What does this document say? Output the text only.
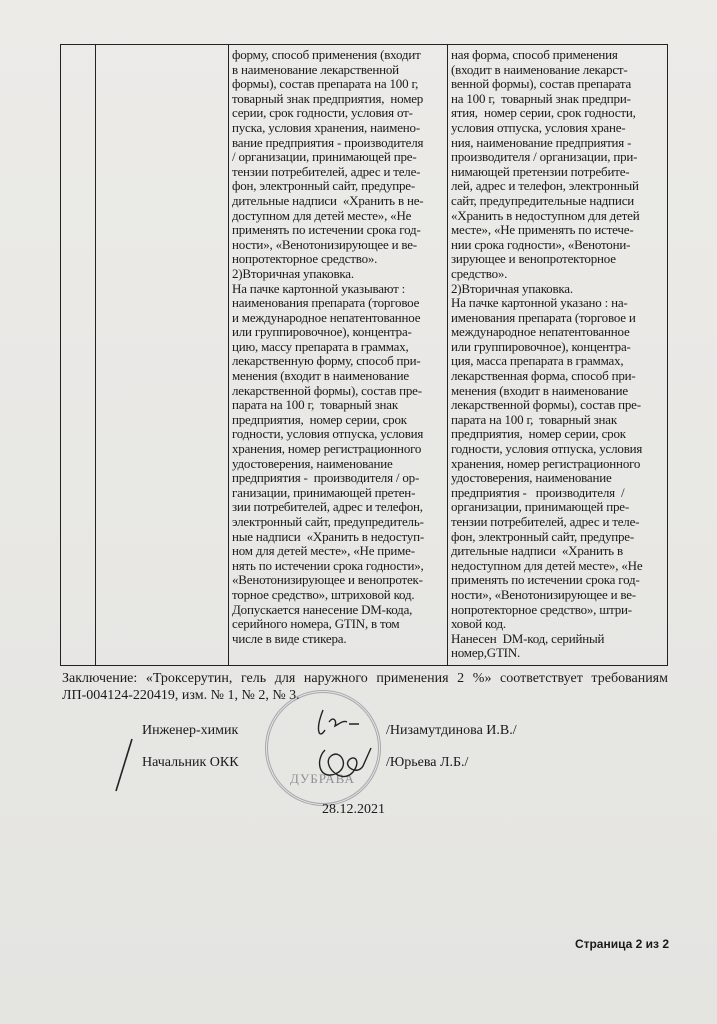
форму, способ применения (входит
в наименование лекарственной
формы), состав препарата на 100 г,
товарный знак предприятия,  номер
серии, срок годности, условия от-
пуска, условия хранения, наимено-
вание предприятия - производителя
/ организации, принимающей пре-
тензии потребителей, адрес и теле-
фон, электронный сайт, предупре-
дительные надписи  «Хранить в не-
доступном для детей месте», «Не
применять по истечении срока год-
ности», «Венотонизирующее и ве-
нопротекторное средство».
2)Вторичная упаковка.
На пачке картонной указывают :
наименования препарата (торговое
и международное непатентованное
или группировочное), концентра-
цию, массу препарата в граммах,
лекарственную форму, способ при-
менения (входит в наименование
лекарственной формы), состав пре-
парата на 100 г,  товарный знак
предприятия,  номер серии, срок
годности, условия отпуска, условия
хранения, номер регистрационного
удостоверения, наименование
предприятия -  производителя / ор-
ганизации, принимающей претен-
зии потребителей, адрес и телефон,
электронный сайт, предупредитель-
ные надписи  «Хранить в недоступ-
ном для детей месте», «Не приме-
нять по истечении срока годности»,
«Венотонизирующее и венопротек-
торное средство», штриховой код.
Допускается нанесение DM-кода,
серийного номера, GTIN, в том
числе в виде стикера.
ная форма, способ применения
(входит в наименование лекарст-
венной формы), состав препарата
на 100 г,  товарный знак предпри-
ятия,  номер серии, срок годности,
условия отпуска, условия хране-
ния, наименование предприятия -
производителя / организации, при-
нимающей претензии потребите-
лей, адрес и телефон, электронный
сайт, предупредительные надписи
«Хранить в недоступном для детей
месте», «Не применять по истече-
нии срока годности», «Венотони-
зирующее и венопротекторное
средство».
2)Вторичная упаковка.
На пачке картонной указано : на-
именования препарата (торговое и
международное непатентованное
или группировочное), концентра-
ция, масса препарата в граммах,
лекарственная форма, способ при-
менения (входит в наименование
лекарственной формы), состав пре-
парата на 100 г,  товарный знак
предприятия,  номер серии, срок
годности, условия отпуска, условия
хранения, номер регистрационного
удостоверения, наименование
предприятия -   производителя  /
организации, принимающей пре-
тензии потребителей, адрес и теле-
фон, электронный сайт, предупре-
дительные надписи  «Хранить в
недоступном для детей месте», «Не
применять по истечении срока год-
ности», «Венотонизирующее и ве-
нопротекторное средство», штри-
ховой код.
Нанесен  DM-код, серийный
номер,GTIN.
Заключение: «Троксерутин, гель для наружного применения 2 %» соответствует требованиям ЛП-004124-220419, изм. № 1, № 2, № 3.
ДУБРАВА
Инженер-химик	/Низамутдинова И.В./
Начальник ОКК	/Юрьева Л.Б./
28.12.2021
Страница 2 из 2
